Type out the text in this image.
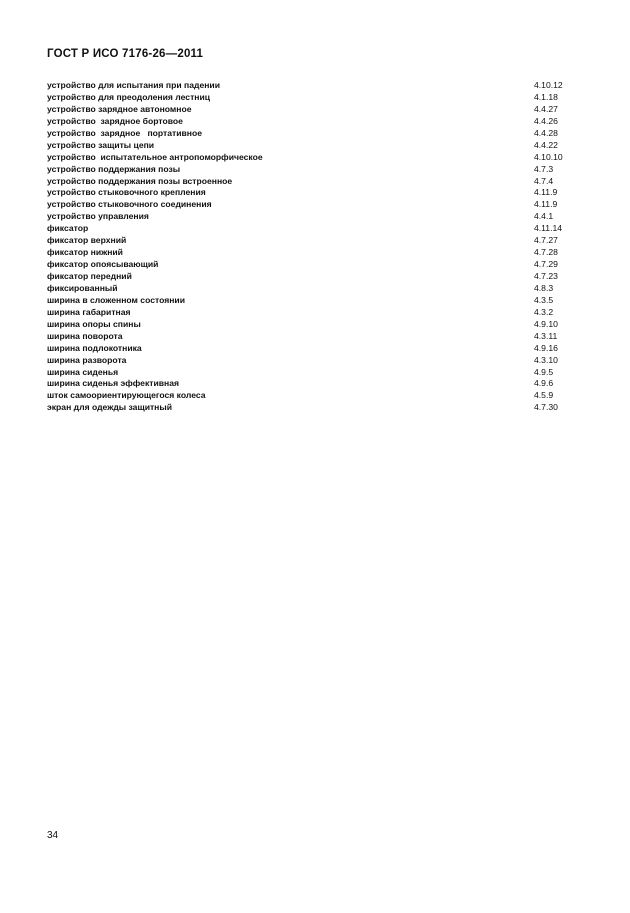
ГОСТ Р ИСО 7176-26—2011
устройство для испытания при падении	4.10.12
устройство для преодоления лестниц	4.1.18
устройство зарядное автономное	4.4.27
устройство  зарядное бортовое	4.4.26
устройство  зарядное   портативное	4.4.28
устройство защиты цепи	4.4.22
устройство  испытательное антропоморфическое	4.10.10
устройство поддержания позы	4.7.3
устройство поддержания позы встроенное	4.7.4
устройство стыковочного крепления	4.11.9
устройство стыковочного соединения	4.11.9
устройство управления	4.4.1
фиксатор	4.11.14
фиксатор верхний	4.7.27
фиксатор нижний	4.7.28
фиксатор опоясывающий	4.7.29
фиксатор передний	4.7.23
фиксированный	4.8.3
ширина в сложенном состоянии	4.3.5
ширина габаритная	4.3.2
ширина опоры спины	4.9.10
ширина поворота	4.3.11
ширина подлокотника	4.9.16
ширина разворота	4.3.10
ширина сиденья	4.9.5
ширина сиденья эффективная	4.9.6
шток самоориентирующегося колеса	4.5.9
экран для одежды защитный	4.7.30
34
